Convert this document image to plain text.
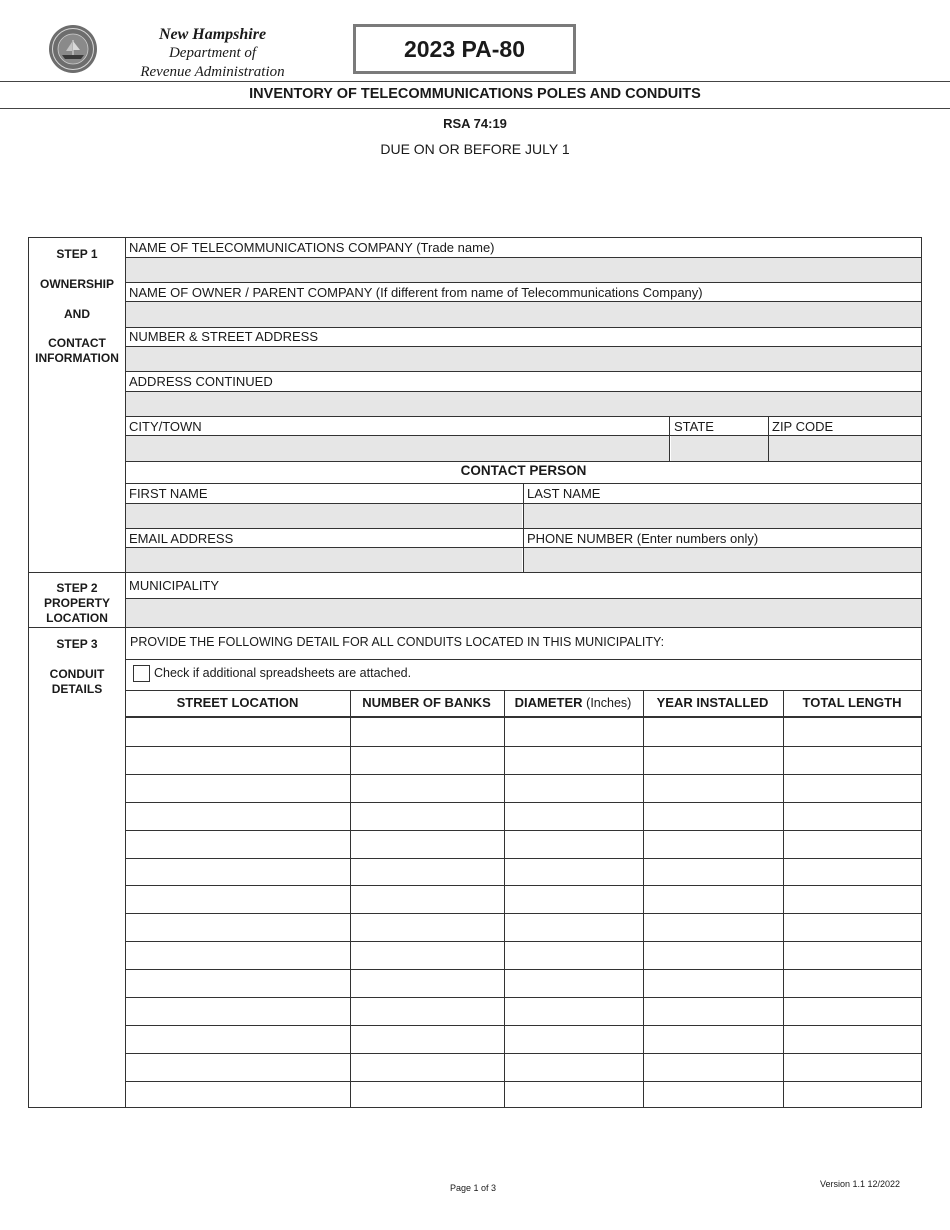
New Hampshire
Department of
Revenue Administration
2023 PA-80
INVENTORY OF TELECOMMUNICATIONS POLES AND CONDUITS
RSA 74:19
DUE ON OR BEFORE JULY 1
STEP 1
OWNERSHIP
AND
CONTACT
INFORMATION
STEP 2
PROPERTY
LOCATION
STEP 3
CONDUIT
DETAILS
NAME OF TELECOMMUNICATIONS COMPANY (Trade name)
NAME OF OWNER / PARENT COMPANY (If different from name of Telecommunications Company)
NUMBER & STREET ADDRESS
ADDRESS CONTINUED
CITY/TOWN	STATE	ZIP CODE
CONTACT PERSON
FIRST NAME	LAST NAME
EMAIL ADDRESS	PHONE NUMBER (Enter numbers only)
MUNICIPALITY
PROVIDE THE FOLLOWING DETAIL FOR ALL CONDUITS LOCATED IN THIS MUNICIPALITY:
Check if additional spreadsheets are attached.
STREET LOCATION	NUMBER OF BANKS	DIAMETER (Inches)	YEAR INSTALLED	TOTAL LENGTH
Page 1 of 3	Version 1.1 12/2022
